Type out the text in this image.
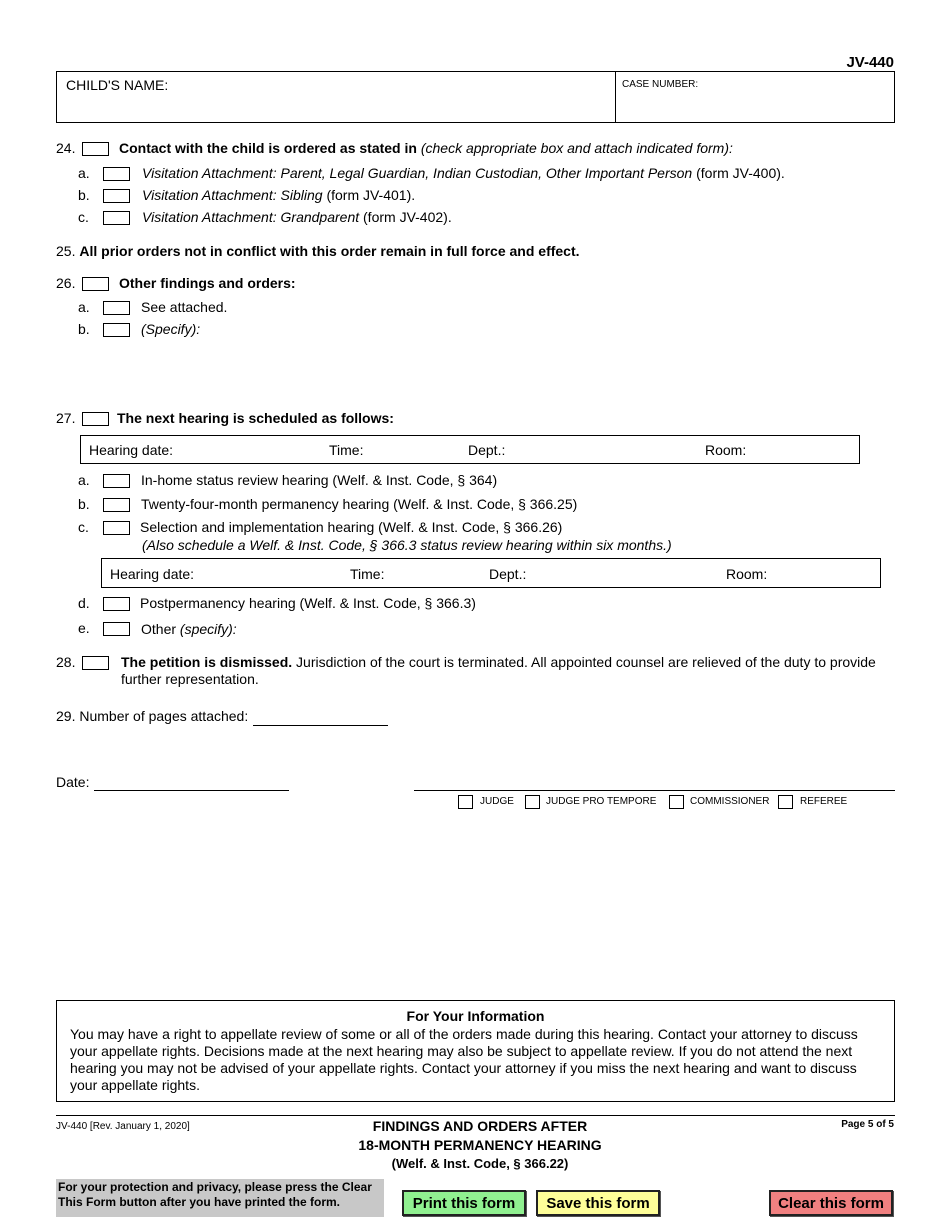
JV-440
CHILD'S NAME:	CASE NUMBER:
24.	Contact with the child is ordered as stated in (check appropriate box and attach indicated form):
a.	Visitation Attachment: Parent, Legal Guardian, Indian Custodian, Other Important Person (form JV-400).
b.	Visitation Attachment: Sibling (form JV-401).
c.	Visitation Attachment: Grandparent (form JV-402).
25. All prior orders not in conflict with this order remain in full force and effect.
26.	Other findings and orders:
a.	See attached.
b.	(Specify):
27.	The next hearing is scheduled as follows:
Hearing date:	Time:	Dept.:	Room:
a.	In-home status review hearing (Welf. & Inst. Code, § 364)
b.	Twenty-four-month permanency hearing (Welf. & Inst. Code, § 366.25)
c.	Selection and implementation hearing (Welf. & Inst. Code, § 366.26)
(Also schedule a Welf. & Inst. Code, § 366.3 status review hearing within six months.)
Hearing date:	Time:	Dept.:	Room:
d.	Postpermanency hearing (Welf. & Inst. Code, § 366.3)
e.	Other (specify):
28.	The petition is dismissed. Jurisdiction of the court is terminated. All appointed counsel are relieved of the duty to provide
further representation.
29. Number of pages attached:
Date:
JUDGE	JUDGE PRO TEMPORE	COMMISSIONER	REFEREE
For Your Information
You may have a right to appellate review of some or all of the orders made during this hearing. Contact your attorney to discuss your appellate rights. Decisions made at the next hearing may also be subject to appellate review. If you do not attend the next hearing you may not be advised of your appellate rights. Contact your attorney if you miss the next hearing and want to discuss your appellate rights.
JV-440 [Rev. January 1, 2020]	FINDINGS AND ORDERS AFTER
18-MONTH PERMANENCY HEARING
(Welf. & Inst. Code, § 366.22)
Page 5 of 5
For your protection and privacy, please press the Clear
This Form button after you have printed the form.	Print this form	Save this form	Clear this form
